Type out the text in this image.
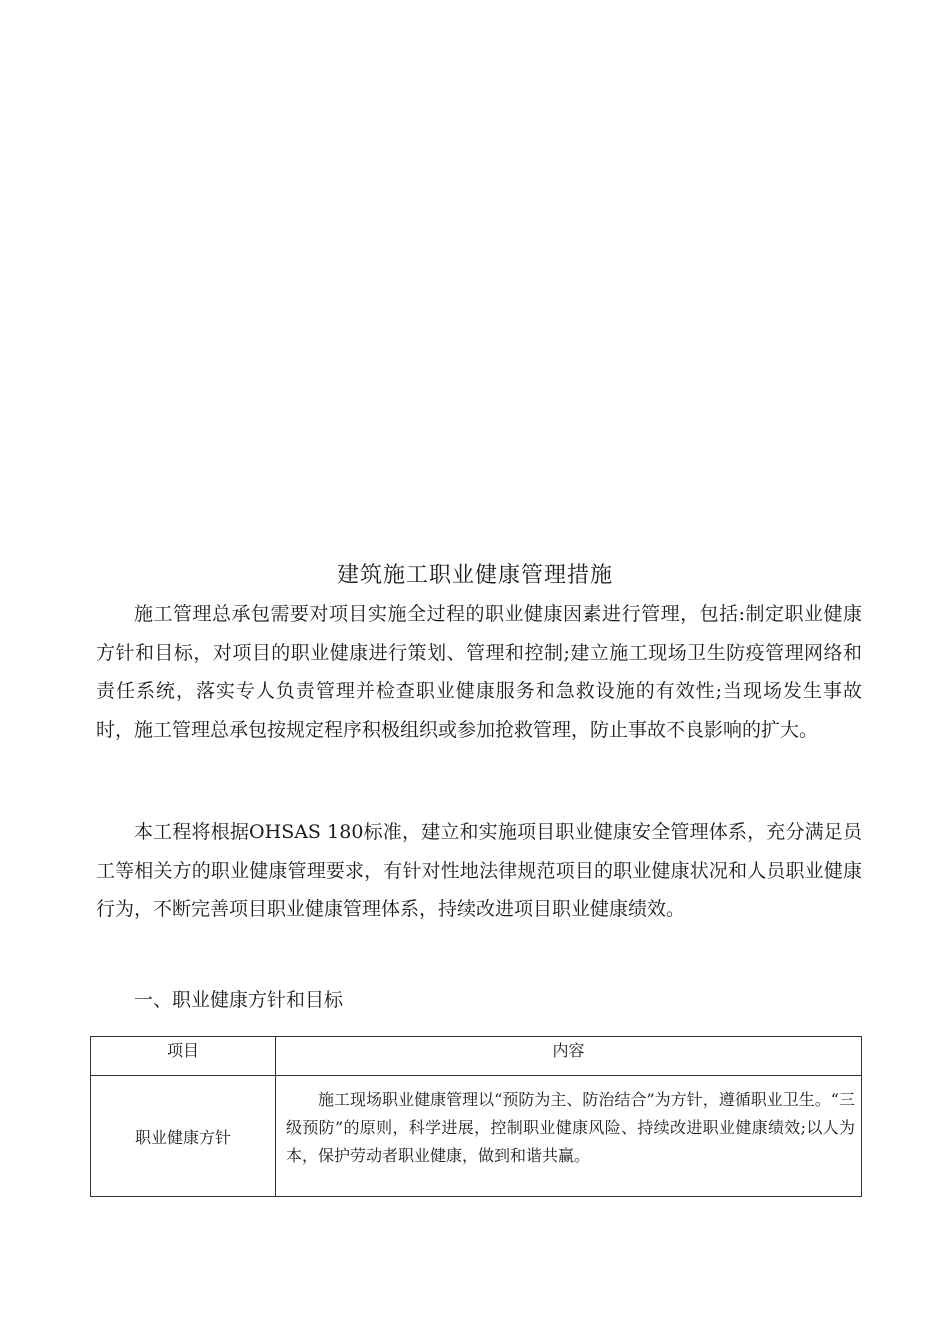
建筑施工职业健康管理措施

施工管理总承包需要对项目实施全过程的职业健康因素进行管理，包括:制定职业健康方针和目标，对项目的职业健康进行策划、管理和控制;建立施工现场卫生防疫管理网络和责任系统，落实专人负责管理并检查职业健康服务和急救设施的有效性;当现场发生事故时，施工管理总承包按规定程序积极组织或参加抢救管理，防止事故不良影响的扩大。

本工程将根据OHSAS 180标准，建立和实施项目职业健康安全管理体系，充分满足员工等相关方的职业健康管理要求，有针对性地法律规范项目的职业健康状况和人员职业健康行为，不断完善项目职业健康管理体系，持续改进项目职业健康绩效。

一、职业健康方针和目标

项目	内容
职业健康方针	施工现场职业健康管理以“预防为主、防治结合”为方针，遵循职业卫生。“三级预防”的原则，科学进展，控制职业健康风险、持续改进职业健康绩效;以人为本，保护劳动者职业健康，做到和谐共赢。
